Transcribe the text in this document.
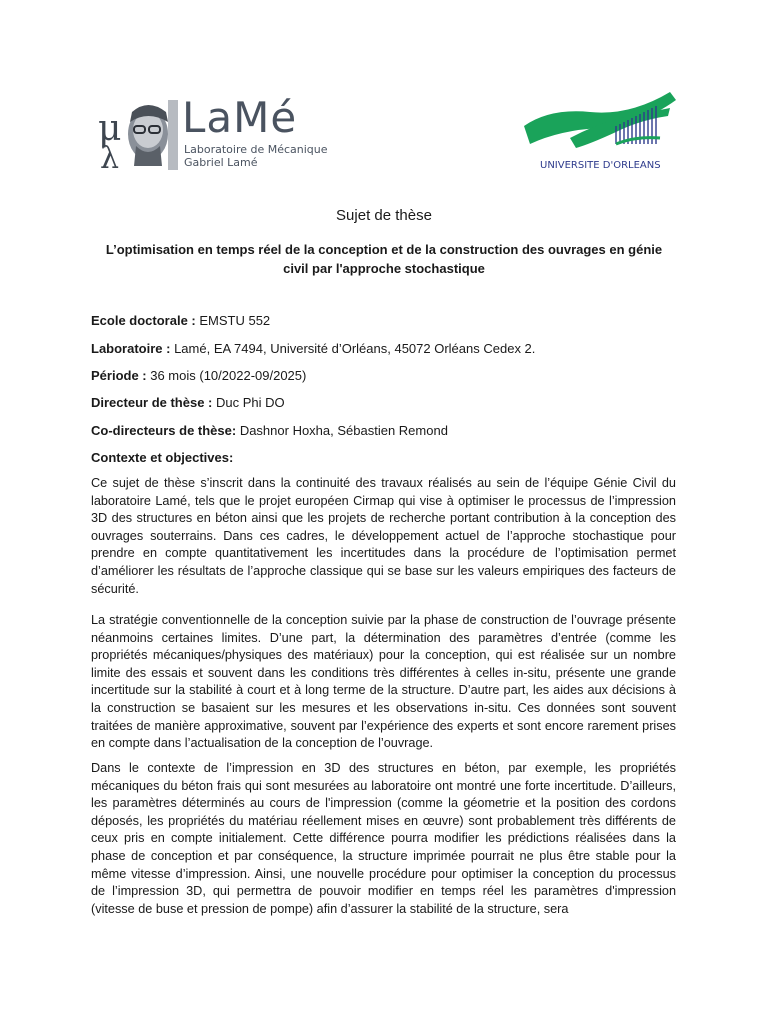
μ
λ
LaMé
Laboratoire de Mécanique
Gabriel Lamé	UNIVERSITE D'ORLEANS
Sujet de thèse
L’optimisation en temps réel de la conception et de la construction des ouvrages en génie civil par l'approche stochastique
Ecole doctorale : EMSTU 552
Laboratoire : Lamé, EA 7494, Université d’Orléans, 45072 Orléans Cedex 2.
Période : 36 mois (10/2022-09/2025)
Directeur de thèse : Duc Phi DO
Co-directeurs de thèse: Dashnor Hoxha, Sébastien Remond
Contexte et objectives:

Ce sujet de thèse s’inscrit dans la continuité des travaux réalisés au sein de l’équipe Génie Civil du laboratoire Lamé, tels que le projet européen Cirmap qui vise à optimiser le processus de l’impression 3D des structures en béton ainsi que les projets de recherche portant contribution à la conception des ouvrages souterrains. Dans ces cadres, le développement actuel de l’approche stochastique pour prendre en compte quantitativement les incertitudes dans la procédure de l’optimisation permet d’améliorer les résultats de l’approche classique qui se base sur les valeurs empiriques des facteurs de sécurité.

La stratégie conventionnelle de la conception suivie par la phase de construction de l’ouvrage présente néanmoins certaines limites. D’une part, la détermination des paramètres d’entrée (comme les propriétés mécaniques/physiques des matériaux) pour la conception, qui est réalisée sur un nombre limite des essais et souvent dans les conditions très différentes à celles in-situ, présente une grande incertitude sur la stabilité à court et à long terme de la structure. D’autre part, les aides aux décisions à la construction se basaient sur les mesures et les observations in-situ. Ces données sont souvent traitées de manière approximative, souvent par l’expérience des experts et sont encore rarement prises en compte dans l’actualisation de la conception de l’ouvrage.

Dans le contexte de l’impression en 3D des structures en béton, par exemple, les propriétés mécaniques du béton frais qui sont mesurées au laboratoire ont montré une forte incertitude. D’ailleurs, les paramètres déterminés au cours de l'impression (comme la géometrie et la position des cordons déposés, les propriétés du matériau réellement mises en œuvre) sont probablement très différents de ceux pris en compte initialement. Cette différence pourra modifier les prédictions réalisées dans la phase de conception et par conséquence, la structure imprimée pourrait ne plus être stable pour la même vitesse d’impression. Ainsi, une nouvelle procédure pour optimiser la conception du processus de l’impression 3D, qui permettra de pouvoir modifier en temps réel les paramètres d'impression (vitesse de buse et pression de pompe) afin d’assurer la stabilité de la structure, sera
